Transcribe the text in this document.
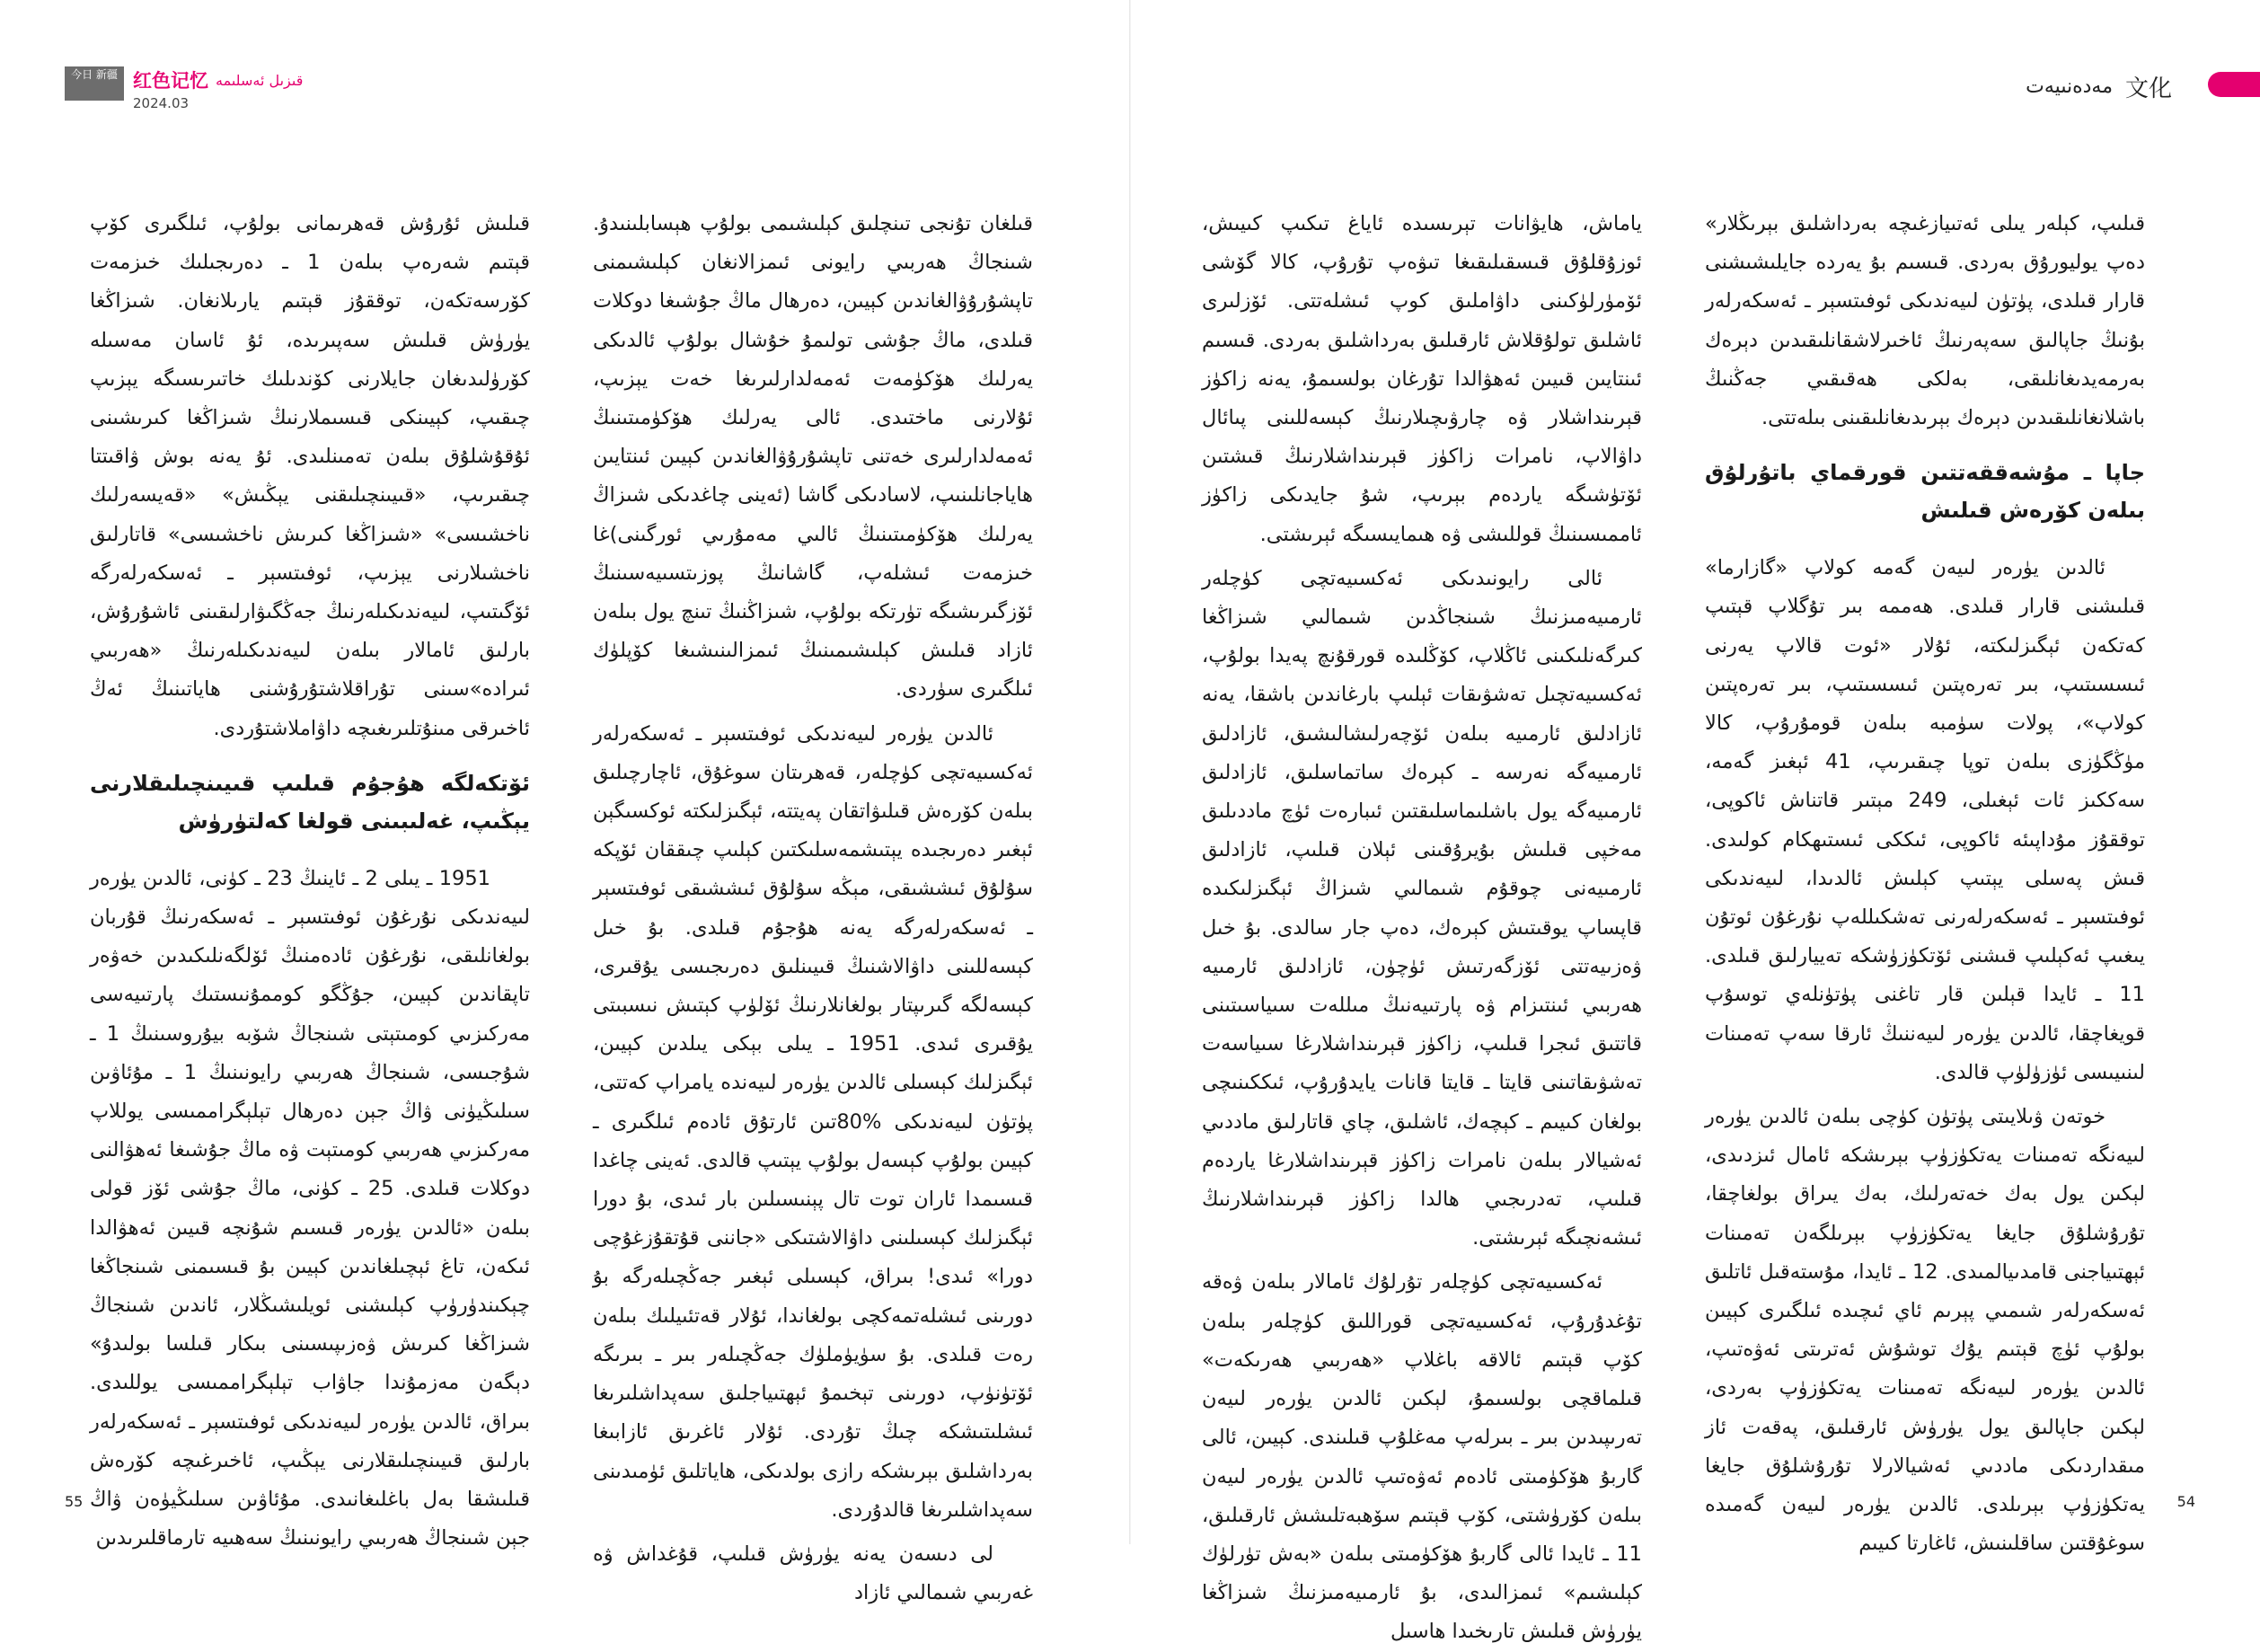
今日 新疆 红色记忆 قىزىل ئەسلىمە
2024.03

قىلىش ئۇرۇش قەھرىمانى بولۇپ، ئىلگىرى كۆپ قېتىم شەرەپ بىلەن 1 ـ دەرىجىلىك خىزمەت كۆرسەتكەن، توققۇز قېتىم يارىلانغان. شىزاڭغا يۈرۈش قىلىش سەپىرىدە، ئۇ ئاسان مەسىلە كۆرۈلىدىغان جايلارنى كۆندىلىك خاتىرىسىگە يېزىپ چىقىپ، كېيىنكى قىسىملارنىڭ شىزاڭغا كىرىشىنى ئۇقۇشلۇق بىلەن تەمىنلىدى. ئۇ يەنە بوش ۋاقىتتا چىقىرىپ، «قىيىنچىلىقنى يېڭىش» «قەيسەرلىك ناخشىسى» «شىزاڭغا كىرىش ناخشىسى» قاتارلىق ناخشىلارنى يېزىپ، ئوفىتسېر ـ ئەسكەرلەرگە ئۆگىتىپ، لىيەندىكىلەرنىڭ جەڭگىۋارلىقىنى ئاشۇرۇش، بارلىق ئامالار بىلەن لىيەندىكىلەرنىڭ «ھەربىي ئىرادە»سىنى تۇراقلاشتۇرۇشنى ھاياتىنىڭ ئەڭ ئاخىرقى مىنۇتلىرىغىچە داۋاملاشتۇردى.

ئۆتكەلگە ھۇجۇم قىلىپ قىيىنچىلىقلارنى يېڭىپ، غەلىبىنى قولغا كەلتۈرۈش

1951 ـ يىلى 2 ـ ئاينىڭ 23 ـ كۈنى، ئالدىن يۈرەر لىيەندىكى نۇرغۇن ئوفىتسېر ـ ئەسكەرنىڭ قۇربان بولغانلىقى، نۇرغۇن ئادەمنىڭ ئۆلگەنلىكىدىن خەۋەر تاپقاندىن كېيىن، جۇڭگو كوممۇنىستىك پارتىيەسى مەركىزىي كومىتېتى شىنجاڭ شۆبە بيۇروسىنىڭ 1 ـ شۇجىسى، شىنجاڭ ھەربىي رايونىنىڭ 1 ـ مۇئاۋىن سىلىڭيۈنى ۋاڭ جېن دەرھال تېلېگراممىسى يوللاپ مەركىزىي ھەربىي كومىتېت ۋە ماڭ جۇشىغا ئەھۋالنى دوكلات قىلدى. 25 ـ كۈنى، ماڭ جۇشى ئۆز قولى بىلەن «ئالدىن يۈرەر قىسىم شۇنچە قىيىن ئەھۋالدا ئىكەن، تاغ ئېچىلغاندىن كېيىن بۇ قىسىمنى شىنجاڭغا چېكىندۈرۈپ كېلىشنى ئويلىشىڭلار، ئاندىن شىنجاڭ شىزاڭغا كىرىش ۋەزىپىسىنى بىكار قىلسا بولىدۇ» دېگەن مەزمۇندا جاۋاب تېلېگراممىسى يوللىدى. بىراق، ئالدىن يۈرەر لىيەندىكى ئوفىتسېر ـ ئەسكەرلەر بارلىق قىيىنچىلىقلارنى يېڭىپ، ئاخىرغىچە كۆرەش قىلىشقا بەل باغلىغانىدى. مۇئاۋىن سىلىڭيۈەن ۋاڭ جېن شىنجاڭ ھەربىي رايونىنىڭ سەھىيە تارماقلىرىدىن

قىلغان تۇنجى تىنچلىق كېلىشىمى بولۇپ ھېسابلىنىدۇ. شىنجاڭ ھەربىي رايونى ئىمزالانغان كېلىشىمنى تاپشۇرۇۋالغاندىن كېيىن، دەرھال ماڭ جۇشىغا دوكلات قىلدى، ماڭ جۇشى تولىمۇ خۇشال بولۇپ ئالدىكى يەرلىك ھۆكۈمەت ئەمەلدارلىرىغا خەت يېزىپ، ئۇلارنى ماختىدى. ئالى يەرلىك ھۆكۈمىتىنىڭ ئەمەلدارلىرى خەتنى تاپشۇرۇۋالغاندىن كېيىن ئىنتايىن ھاياجانلىنىپ، لاسادىكى گاشا (ئەينى چاغدىكى شىزاڭ يەرلىك ھۆكۈمىتىنىڭ ئالىي مەمۇرىي ئورگىنى)غا خىزمەت ئىشلەپ، گاشانىڭ پوزىتسىيەسىنىڭ ئۆزگىرىشىگە تۈرتكە بولۇپ، شىزاڭنىڭ تىنچ يول بىلەن ئازاد قىلىش كېلىشىمىنىڭ ئىمزالىنىشىغا كۆپلۈك ئىلگىرى سۈردى.

ئالدىن يۈرەر لىيەندىكى ئوفىتسېر ـ ئەسكەرلەر ئەكسىيەتچى كۈچلەر، قەھرىتان سوغۇق، ئاچارچىلىق بىلەن كۆرەش قىلىۋاتقان پەيتتە، ئېگىزلىكتە ئوكسىگېن ئېغىر دەرىجىدە يېتىشمەسلىكتىن كېلىپ چىققان ئۆپكە سۇلۇق ئىششىقى، مېڭە سۇلۇق ئىششىقى ئوفىتسېر ـ ئەسكەرلەرگە يەنە ھۇجۇم قىلدى. بۇ خىل كېسەللىنى داۋالاشنىڭ قىيىنلىق دەرىجىسى يۇقىرى، كېسەلگە گىرىپتار بولغانلارنىڭ ئۆلۈپ كېتىش نىسبىتى يۇقىرى ئىدى. 1951 ـ يىلى بېكى يىلدىن كېيىن، ئېگىزلىك كېسىلى ئالدىن يۈرەر لىيەندە يامراپ كەتتى، پۈتۈن لىيەندىكى %80تىن ئارتۇق ئادەم ئىلگىرى ـ كېيىن بولۇپ كېسەل بولۇپ يېتىپ قالدى. ئەينى چاغدا قىسىمدا ئاران توت تال پېنىسىلىن بار ئىدى، بۇ دورا ئېگىزلىك كېسىلىنى داۋالاشتىكى «جاننى قۇتقۇزغۇچى دورا» ئىدى! بىراق، كېسىلى ئېغىر جەڭچىلەرگە بۇ دورىنى ئىشلەتمەكچى بولغاندا، ئۇلار قەتئىيلىك بىلەن رەت قىلدى. بۇ سۈيۈملۈك جەڭچىلەر بىر ـ بىرىگە ئۆتۈنۈپ، دورىنى تېخىمۇ ئېھتىياجلىق سەپداشلىرىغا ئىشلىتىشكە چىڭ تۇردى. ئۇلار ئاغرىق ئازابىغا بەرداشلىق بېرىشكە رازى بولدىكى، ھاياتلىق ئۈمىدىنى سەپداشلىرىغا قالدۇردى.

لى دىسەن يەنە يۈرۈش قىلىپ، قۇغداش ۋە غەربىي شىمالىي ئازاد

55
مەدەنىيەت 文化

قىلىپ، كېلەر يىلى ئەتىيازغىچە بەرداشلىق بېرىڭلار» دەپ يوليورۇق بەردى. قىسىم بۇ يەردە جايلىشىشنى قارار قىلدى، پۈتۈن لىيەندىكى ئوفىتسېر ـ ئەسكەرلەر بۇنىڭ جاپالىق سەپەرنىڭ ئاخىرلاشقانلىقىدىن دېرەك بەرمەيدىغانلىقى، بەلكى ھەقىقىي جەڭنىڭ باشلانغانلىقىدىن دېرەك بېرىدىغانلىقىنى بىلەتتى.

جاپا ـ مۇشەققەتتىن قورقماي باتۇرلۇق بىلەن كۆرەش قىلىش

ئالدىن يۈرەر لىيەن گەمە كولاپ «گازارما» قىلىشنى قارار قىلدى. ھەممە بىر تۇگلاپ قېتىپ كەتكەن ئېگىزلىكتە، ئۇلار «ئوت قالاپ يەرنى ئىسسىتىپ، بىر تەرەپتىن ئىسسىتىپ، بىر تەرەپتىن كولاپ»، پولات سۈمبە بىلەن قومۇرۇپ، كالا مۈڭگۈزى بىلەن توپا چىقىرىپ، 41 ئېغىز گەمە، سەككىز ئات ئېغىلى، 249 مېتىر قاتناش ئاكوپى، توققۇز مۇداپىئە ئاكوپى، ئىككى ئىستىھكام كولىدى. قىش پەسلى يېتىپ كېلىش ئالدىدا، لىيەندىكى ئوفىتسېر ـ ئەسكەرلەرنى تەشكىللەپ نۇرغۇن ئوتۇن يىغىپ ئەكېلىپ قىشنى ئۆتكۈزۈشكە تەييارلىق قىلدى. 11 ـ ئايدا قېلىن قار تاغنى پۈتۈنلەي توسۇپ قويغاچقا، ئالدىن يۈرەر لىيەننىڭ ئارقا سەپ تەمىنات لىنىيىسى ئۈزۈلۈپ قالدى.

خوتەن ۋىلايىتى پۈتۈن كۈچى بىلەن ئالدىن يۈرەر لىيەنگە تەمىنات يەتكۈزۈپ بېرىشكە ئامال ئىزدىدى، لېكىن يول بەك خەتەرلىك، بەك يىراق بولغاچقا، تۇرۇشلۇق جايغا يەتكۈزۈپ بېرىلگەن تەمىنات ئېھتىياجنى قامدىيالمىدى. 12 ـ ئايدا، مۇستەقىل ئاتلىق ئەسكەرلەر شىمىي پېرىم ئاي ئىچىدە ئىلگىرى كېيىن بولۇپ ئۈچ قېتىم يۇك توشۇش ئەترىتى ئەۋەتىپ، ئالدىن يۈرەر لىيەنگە تەمىنات يەتكۈزۈپ بەردى، لېكىن جاپالىق يول يۈرۈش ئارقىلىق، پەقەت ئاز مىقداردىكى ماددىي ئەشيالارلا تۇرۇشلۇق جايغا يەتكۈزۈپ بېرىلدى. ئالدىن يۈرەر لىيەن گەمىدە سوغۇقتىن ساقلىنىش، ئاغارتا كىيىم

ياماش، ھايۋانات تېرىسىدە ئاياغ تىكىپ كىيىش، ئوزۇقلۇق قىسقىلىقىغا تىۋەپ تۇرۇپ، كالا گۆشى ئۆمۈرلۈكىنى داۋاملىق كوپ ئىشلەتتى. ئۆزلىرى ئاشلىق تولۇقلاش ئارقىلىق بەرداشلىق بەردى. قىسىم ئىنتايىن قىيىن ئەھۋالدا تۇرغان بولسىمۇ، يەنە زاكۈز قېرىنداشلار ۋە چارۋىچىلارنىڭ كېسەللىنى پىائال داۋالاپ، نامرات زاكۈز قېرىنداشلارنىڭ قىشتىن ئۆتۈشىگە ياردەم بېرىپ، شۇ جايدىكى زاكۈز ئاممىسىنىڭ قوللىشى ۋە ھىمايىسىگە ئېرىشتى.

ئالى رايونىدىكى ئەكسىيەتچى كۈچلەر ئارمىيەمىزنىڭ شىنجاڭدىن شىمالىي شىزاڭغا كىرگەنلىكىنى ئاڭلاپ، كۆڭلىدە قورقۇنچ پەيدا بولۇپ، ئەكسىيەتچىل تەشۋىقات ئېلىپ بارغاندىن باشقا، يەنە ئازادلىق ئارمىيە بىلەن ئۆچەرلىشالىشىق، ئازادلىق ئارمىيەگە نەرسە ـ كېرەك ساتماسلىق، ئازادلىق ئارمىيەگە يول باشلىماسلىقتىن ئىبارەت ئۈچ ماددىلىق مەخپى قىلىش بۇيرۇقىنى ئېلان قىلىپ، ئازادلىق ئارمىيەنى چوقۇم شىمالىي شىزاڭ ئېگىزلىكىدە قاپساپ يوقىتىش كېرەك، دەپ جار سالدى. بۇ خىل ۋەزىيەتتى ئۆزگەرتىش ئۈچۈن، ئازادلىق ئارمىيە ھەربىي ئىنتىزام ۋە پارتىيەنىڭ مىللەت سىياسىتىنى قاتتىق ئىجرا قىلىپ، زاكۈز قېرىنداشلارغا سىياسەت تەشۋىقاتىنى قايتا ـ قايتا قانات يايدۇرۇپ، ئىككىنىچى بولغان كىيىم ـ كېچەك، ئاشلىق، چاي قاتارلىق ماددىي ئەشيالار بىلەن نامرات زاكۈز قېرىنداشلارغا ياردەم قىلىپ، تەدرىجىي ھالدا زاكۈز قېرىنداشلارنىڭ ئىشەنچىگە ئېرىشتى.

ئەكسىيەتچى كۈچلەر تۇرلۇك ئامالار بىلەن ۋەقە تۇغدۇرۇپ، ئەكسىيەتچى قوراللىق كۈچلەر بىلەن كۆپ قېتىم ئالاقە باغلاپ «ھەربىي ھەرىكەت» قىلماقچى بولسىمۇ، لېكىن ئالدىن يۈرەر لىيەن تەرىپىدىن بىر ـ بىرلەپ مەغلۇپ قىلىندى. كېيىن، ئالى گاربۇ ھۆكۈمىتى ئادەم ئەۋەتىپ ئالدىن يۈرەر لىيەن بىلەن كۆرۈشتى، كۆپ قېتىم سۆھبەتلىشش ئارقىلىق، 11 ـ ئايدا ئالى گاربۇ ھۆكۈمىتى بىلەن «بەش تۈرلۈك كېلىشىم» ئىمزالىدى، بۇ ئارمىيەمىزنىڭ شىزاڭغا يۈرۈش قىلىش تارىخىدا ھاسىل

54
